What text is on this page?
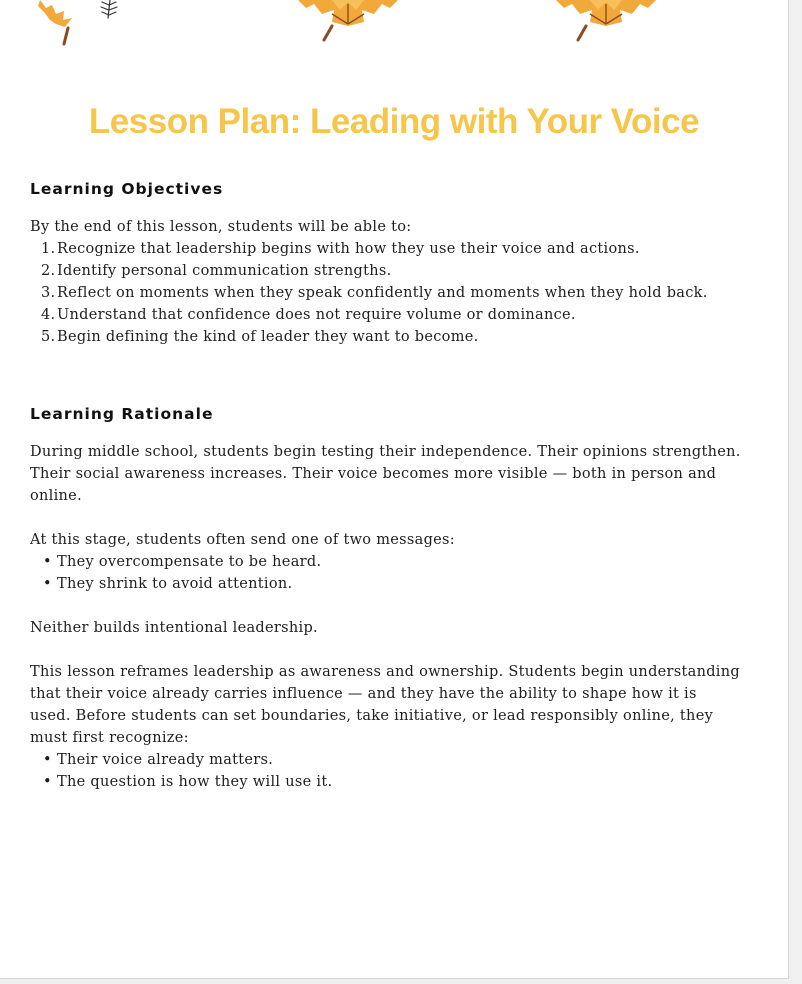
Lesson Plan: Leading with Your Voice
Learning Objectives

By the end of this lesson, students will be able to:

1. Recognize that leadership begins with how they use their voice and actions.
2. Identify personal communication strengths.
3. Reflect on moments when they speak confidently and moments when they hold back.
4. Understand that confidence does not require volume or dominance.
5. Begin defining the kind of leader they want to become.
Learning Rationale

During middle school, students begin testing their independence. Their opinions strengthen. Their social awareness increases. Their voice becomes more visible — both in person and online.

At this stage, students often send one of two messages:

• They overcompensate to be heard.
• They shrink to avoid attention.

Neither builds intentional leadership.

This lesson reframes leadership as awareness and ownership. Students begin understanding that their voice already carries influence — and they have the ability to shape how it is used. Before students can set boundaries, take initiative, or lead responsibly online, they must first recognize:

• Their voice already matters.
• The question is how they will use it.
